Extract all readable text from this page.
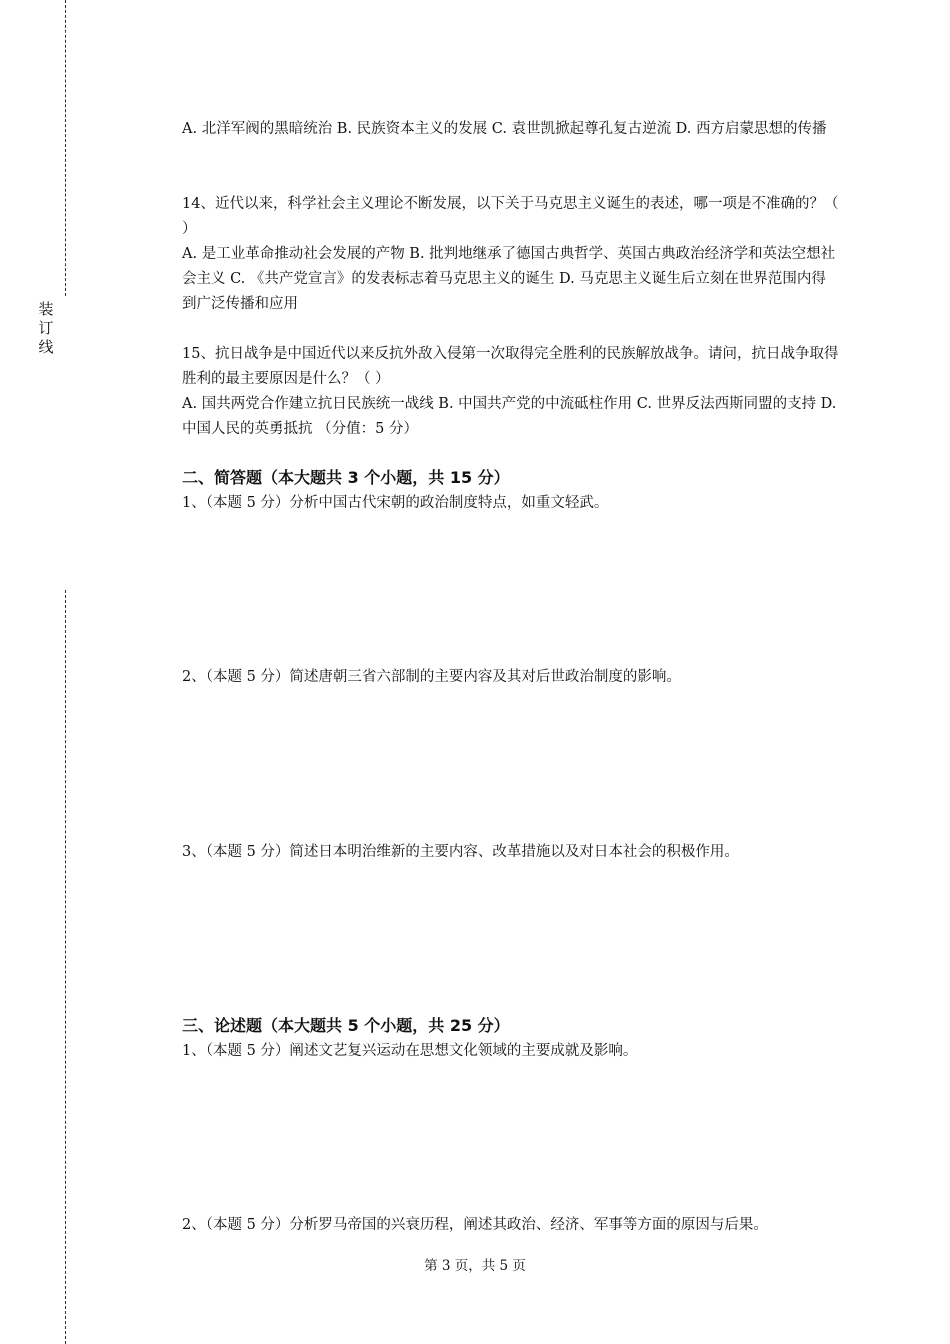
装
订
线

A. 北洋军阀的黑暗统治 B. 民族资本主义的发展 C. 袁世凯掀起尊孔复古逆流 D. 西方启蒙思想的传播

14、近代以来，科学社会主义理论不断发展，以下关于马克思主义诞生的表述，哪一项是不准确的？（ ）

A. 是工业革命推动社会发展的产物 B. 批判地继承了德国古典哲学、英国古典政治经济学和英法空想社会主义 C. 《共产党宣言》的发表标志着马克思主义的诞生 D. 马克思主义诞生后立刻在世界范围内得到广泛传播和应用

15、抗日战争是中国近代以来反抗外敌入侵第一次取得完全胜利的民族解放战争。请问，抗日战争取得胜利的最主要原因是什么？（ ）

A. 国共两党合作建立抗日民族统一战线 B. 中国共产党的中流砥柱作用 C. 世界反法西斯同盟的支持 D. 中国人民的英勇抵抗 （分值：5 分）

二、简答题（本大题共 3 个小题，共 15 分）

1、（本题 5 分）分析中国古代宋朝的政治制度特点，如重文轻武。

2、（本题 5 分）简述唐朝三省六部制的主要内容及其对后世政治制度的影响。

3、（本题 5 分）简述日本明治维新的主要内容、改革措施以及对日本社会的积极作用。

三、论述题（本大题共 5 个小题，共 25 分）

1、（本题 5 分）阐述文艺复兴运动在思想文化领域的主要成就及影响。

2、（本题 5 分）分析罗马帝国的兴衰历程，阐述其政治、经济、军事等方面的原因与后果。

第 3 页，共 5 页
